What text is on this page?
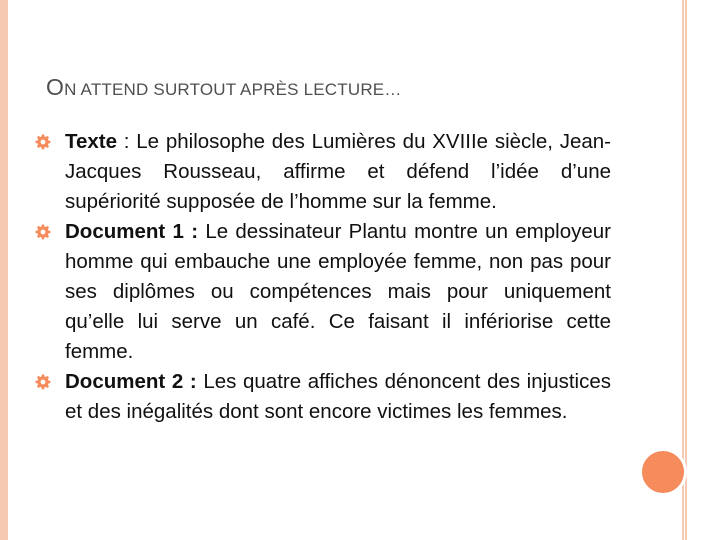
ON ATTEND SURTOUT APRÈS LECTURE…
Texte : Le philosophe des Lumières du XVIIIe siècle, Jean-Jacques Rousseau, affirme et défend l’idée d’une supériorité supposée de l’homme sur la femme.
Document 1 : Le dessinateur Plantu montre un employeur homme qui embauche une employée femme, non pas pour ses diplômes ou compétences mais pour uniquement qu’elle lui serve un café. Ce faisant il infériorise cette femme.
Document 2 : Les quatre affiches dénoncent des injustices et des inégalités dont sont encore victimes les femmes.
